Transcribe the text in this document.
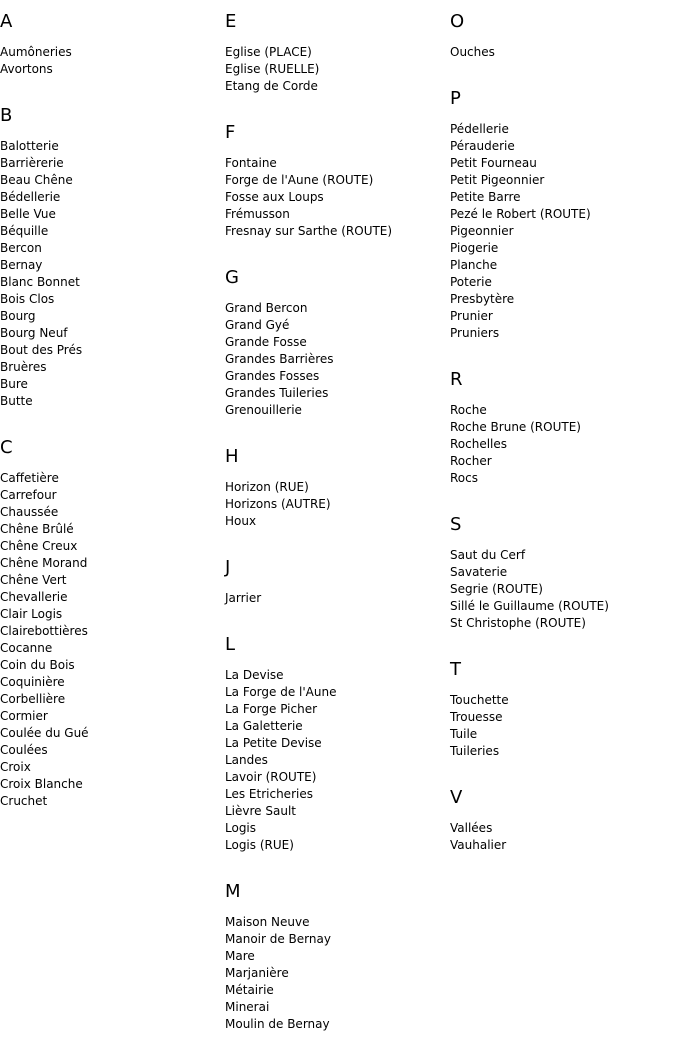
A
Aumôneries
Avortons
B
Balotterie
Barrièrerie
Beau Chêne
Bédellerie
Belle Vue
Béquille
Bercon
Bernay
Blanc Bonnet
Bois Clos
Bourg
Bourg Neuf
Bout des Prés
Bruères
Bure
Butte
C
Caffetière
Carrefour
Chaussée
Chêne Brûlé
Chêne Creux
Chêne Morand
Chêne Vert
Chevallerie
Clair Logis
Clairebottières
Cocanne
Coin du Bois
Coquinière
Corbellière
Cormier
Coulée du Gué
Coulées
Croix
Croix Blanche
Cruchet
E
Eglise (PLACE)
Eglise (RUELLE)
Etang de Corde
F
Fontaine
Forge de l'Aune (ROUTE)
Fosse aux Loups
Frémusson
Fresnay sur Sarthe (ROUTE)
G
Grand Bercon
Grand Gyé
Grande Fosse
Grandes Barrières
Grandes Fosses
Grandes Tuileries
Grenouillerie
H
Horizon (RUE)
Horizons (AUTRE)
Houx
J
Jarrier
L
La Devise
La Forge de l'Aune
La Forge Picher
La Galetterie
La Petite Devise
Landes
Lavoir (ROUTE)
Les Etricheries
Lièvre Sault
Logis
Logis (RUE)
M
Maison Neuve
Manoir de Bernay
Mare
Marjanière
Métairie
Minerai
Moulin de Bernay
O
Ouches
P
Pédellerie
Pérauderie
Petit Fourneau
Petit Pigeonnier
Petite Barre
Pezé le Robert (ROUTE)
Pigeonnier
Piogerie
Planche
Poterie
Presbytère
Prunier
Pruniers
R
Roche
Roche Brune (ROUTE)
Rochelles
Rocher
Rocs
S
Saut du Cerf
Savaterie
Segrie (ROUTE)
Sillé le Guillaume (ROUTE)
St Christophe (ROUTE)
T
Touchette
Trouesse
Tuile
Tuileries
V
Vallées
Vauhalier
